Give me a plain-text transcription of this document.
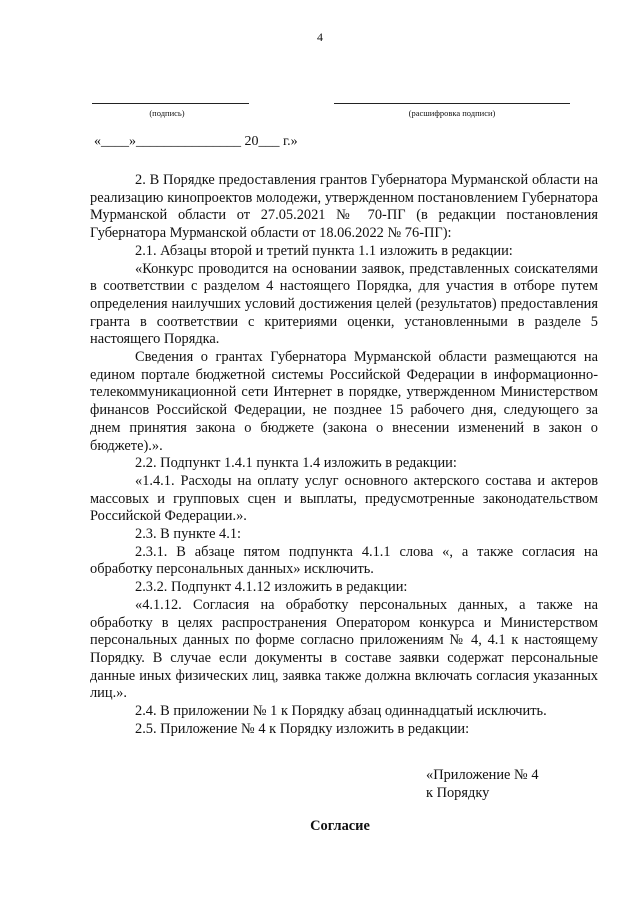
4
(подпись)	(расшифровка подписи)
«____»_______________ 20___ г.»

2. В Порядке предоставления грантов Губернатора Мурманской области на реализацию кинопроектов молодежи, утвержденном постановлением Губернатора Мурманской области от 27.05.2021 № 70-ПГ (в редакции постановления Губернатора Мурманской области от 18.06.2022 № 76-ПГ):

2.1. Абзацы второй и третий пункта 1.1 изложить в редакции:

«Конкурс проводится на основании заявок, представленных соискателями в соответствии с разделом 4 настоящего Порядка, для участия в отборе путем определения наилучших условий достижения целей (результатов) предоставления гранта в соответствии с критериями оценки, установленными в разделе 5 настоящего Порядка.

Сведения о грантах Губернатора Мурманской области размещаются на едином портале бюджетной системы Российской Федерации в информационно-телекоммуникационной сети Интернет в порядке, утвержденном Министерством финансов Российской Федерации, не позднее 15 рабочего дня, следующего за днем принятия закона о бюджете (закона о внесении изменений в закон о бюджете).».

2.2. Подпункт 1.4.1 пункта 1.4 изложить в редакции:

«1.4.1. Расходы на оплату услуг основного актерского состава и актеров массовых и групповых сцен и выплаты, предусмотренные законодательством Российской Федерации.».

2.3. В пункте 4.1:

2.3.1. В абзаце пятом подпункта 4.1.1 слова «, а также согласия на обработку персональных данных» исключить.

2.3.2. Подпункт 4.1.12 изложить в редакции:

«4.1.12. Согласия на обработку персональных данных, а также на обработку в целях распространения Оператором конкурса и Министерством персональных данных по форме согласно приложениям № 4, 4.1 к настоящему Порядку. В случае если документы в составе заявки содержат персональные данные иных физических лиц, заявка также должна включать согласия указанных лиц.».

2.4. В приложении № 1 к Порядку абзац одиннадцатый исключить.

2.5. Приложение № 4 к Порядку изложить в редакции:

«Приложение № 4
к Порядку
Согласие
